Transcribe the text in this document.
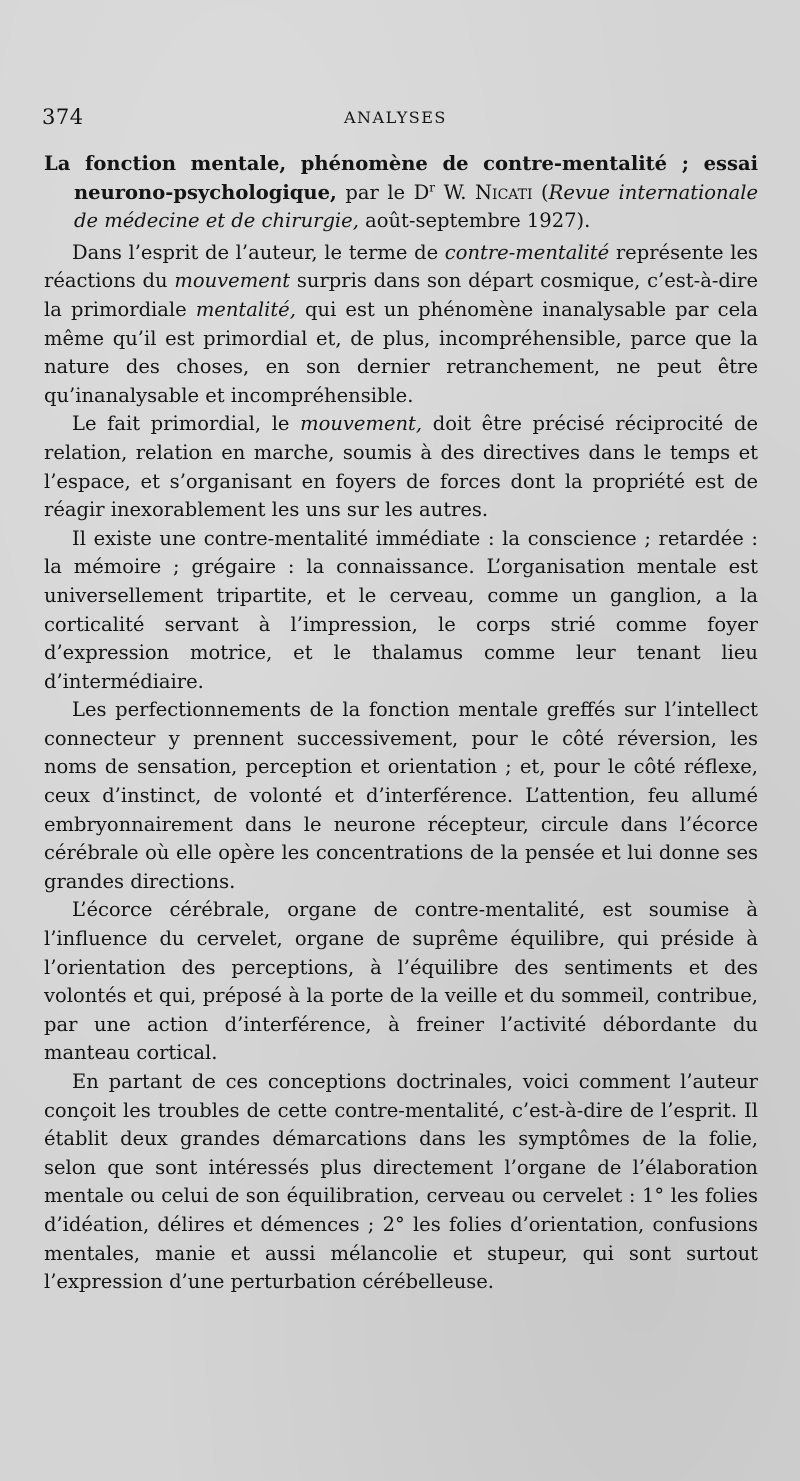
374	ANALYSES

La fonction mentale, phénomène de contre-mentalité ; essai neurono-psychologique, par le $D^r$ W. Nicati (Revue internationale de médecine et de chirurgie, août-septembre 1927).

Dans l’esprit de l’auteur, le terme de contre-mentalité représente les réactions du mouvement surpris dans son départ cosmique, c’est-à-dire la primordiale mentalité, qui est un phénomène inanalysable par cela même qu’il est primordial et, de plus, incompréhensible, parce que la nature des choses, en son dernier retranchement, ne peut être qu’inanalysable et incompréhensible.

Le fait primordial, le mouvement, doit être précisé réciprocité de relation, relation en marche, soumis à des directives dans le temps et l’espace, et s’organisant en foyers de forces dont la propriété est de réagir inexorablement les uns sur les autres.

Il existe une contre-mentalité immédiate : la conscience ; retardée : la mémoire ; grégaire : la connaissance. L’organisation mentale est universellement tripartite, et le cerveau, comme un ganglion, a la corticalité servant à l’impression, le corps strié comme foyer d’expression motrice, et le thalamus comme leur tenant lieu d’intermédiaire.

Les perfectionnements de la fonction mentale greffés sur l’intellect connecteur y prennent successivement, pour le côté réversion, les noms de sensation, perception et orientation ; et, pour le côté réflexe, ceux d’instinct, de volonté et d’interférence. L’attention, feu allumé embryonnairement dans le neurone récepteur, circule dans l’écorce cérébrale où elle opère les concentrations de la pensée et lui donne ses grandes directions.

L’écorce cérébrale, organe de contre-mentalité, est soumise à l’influence du cervelet, organe de suprême équilibre, qui préside à l’orientation des perceptions, à l’équilibre des sentiments et des volontés et qui, préposé à la porte de la veille et du sommeil, contribue, par une action d’interférence, à freiner l’activité débordante du manteau cortical.

En partant de ces conceptions doctrinales, voici comment l’auteur conçoit les troubles de cette contre-mentalité, c’est-à-dire de l’esprit. Il établit deux grandes démarcations dans les symptômes de la folie, selon que sont intéressés plus directement l’organe de l’élaboration mentale ou celui de son équilibration, cerveau ou cervelet : 1° les folies d’idéation, délires et démences ; 2° les folies d’orientation, confusions mentales, manie et aussi mélancolie et stupeur, qui sont surtout l’expression d’une perturbation cérébelleuse.
